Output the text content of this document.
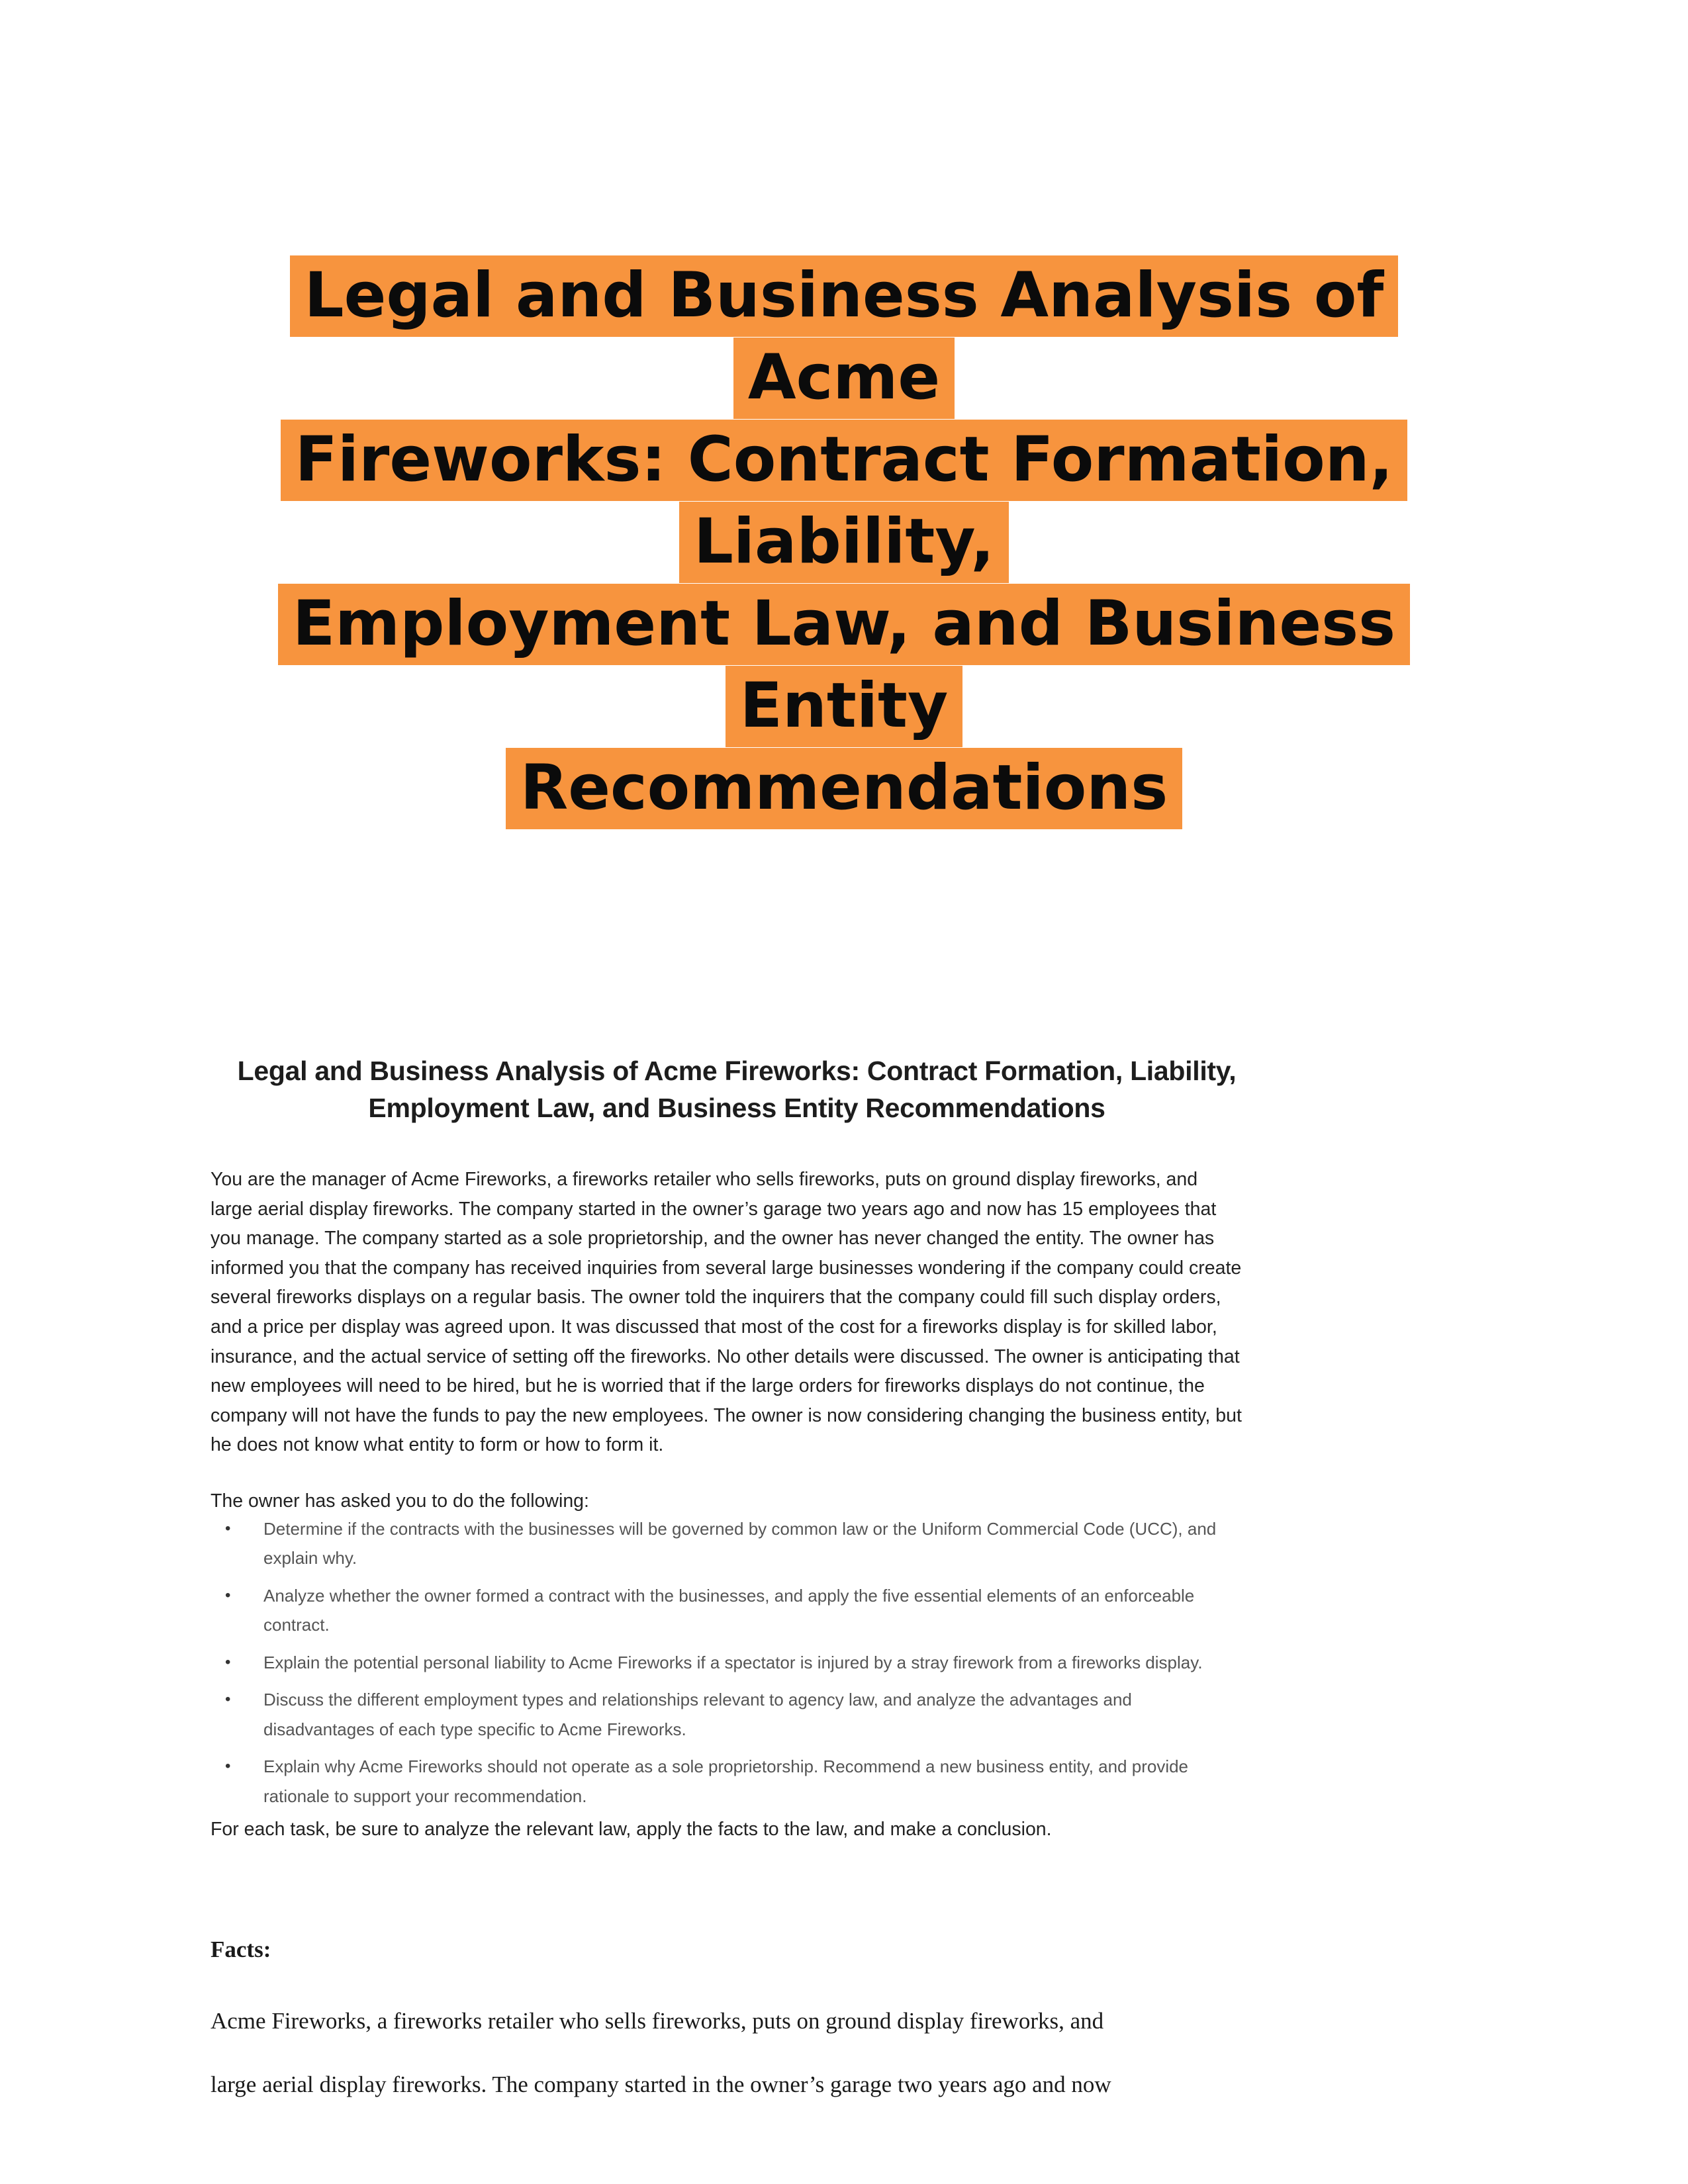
Legal and Business Analysis of Acme
Fireworks: Contract Formation, Liability,
Employment Law, and Business Entity
Recommendations
Legal and Business Analysis of Acme Fireworks: Contract Formation, Liability,
Employment Law, and Business Entity Recommendations

You are the manager of Acme Fireworks, a fireworks retailer who sells fireworks, puts on ground display fireworks, and large aerial display fireworks. The company started in the owner’s garage two years ago and now has 15 employees that you manage. The company started as a sole proprietorship, and the owner has never changed the entity. The owner has informed you that the company has received inquiries from several large businesses wondering if the company could create several fireworks displays on a regular basis. The owner told the inquirers that the company could fill such display orders, and a price per display was agreed upon. It was discussed that most of the cost for a fireworks display is for skilled labor, insurance, and the actual service of setting off the fireworks. No other details were discussed. The owner is anticipating that new employees will need to be hired, but he is worried that if the large orders for fireworks displays do not continue, the company will not have the funds to pay the new employees. The owner is now considering changing the business entity, but he does not know what entity to form or how to form it.

The owner has asked you to do the following:
• Determine if the contracts with the businesses will be governed by common law or the Uniform Commercial Code (UCC), and explain why.
• Analyze whether the owner formed a contract with the businesses, and apply the five essential elements of an enforceable contract.
• Explain the potential personal liability to Acme Fireworks if a spectator is injured by a stray firework from a fireworks display.
• Discuss the different employment types and relationships relevant to agency law, and analyze the advantages and disadvantages of each type specific to Acme Fireworks.
• Explain why Acme Fireworks should not operate as a sole proprietorship. Recommend a new business entity, and provide rationale to support your recommendation.
For each task, be sure to analyze the relevant law, apply the facts to the law, and make a conclusion.
Facts:
Acme Fireworks, a fireworks retailer who sells fireworks, puts on ground display fireworks, and
large aerial display fireworks. The company started in the owner’s garage two years ago and now
